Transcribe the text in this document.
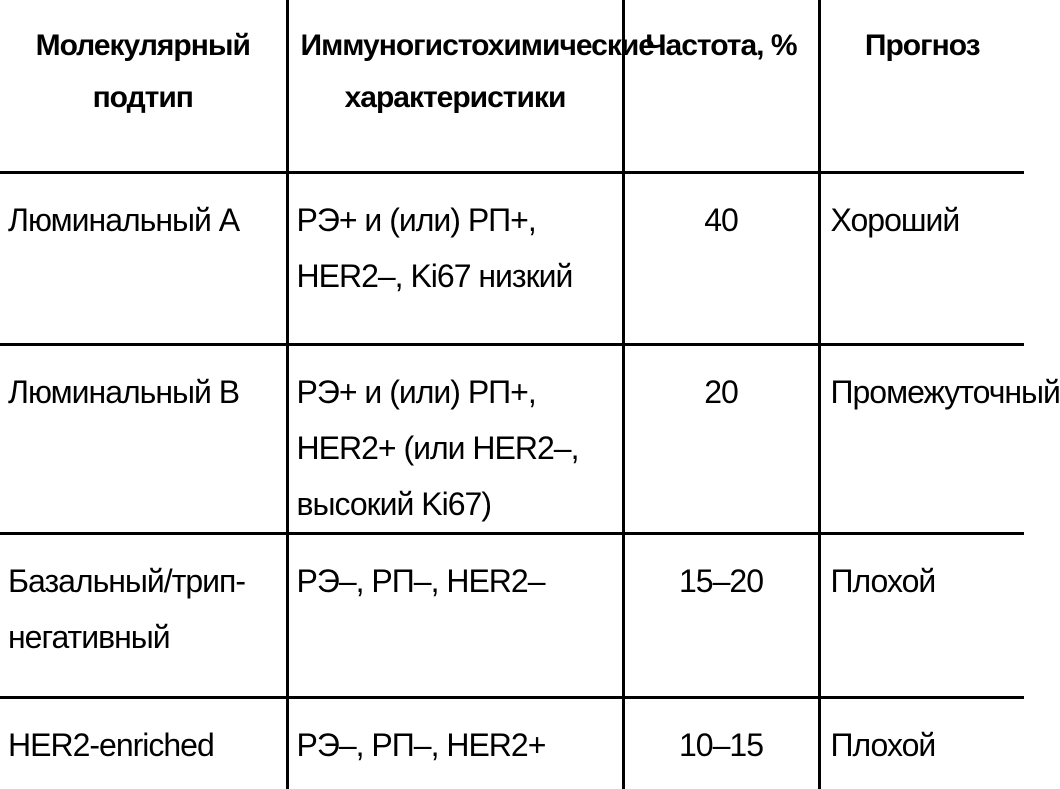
Молекулярный подтип	Иммуногистохимические характеристики	Частота, %	Прогноз
Люминальный А	РЭ+ и (или) РП+, HER2–, Ki67 низкий	40	Хороший
Люминальный В	РЭ+ и (или) РП+, HER2+ (или HER2–, высокий Ki67)	20	Промежуточный
Базальный/трип-негативный	РЭ–, РП–, HER2–	15–20	Плохой
HER2-enriched	РЭ–, РП–, HER2+	10–15	Плохой
